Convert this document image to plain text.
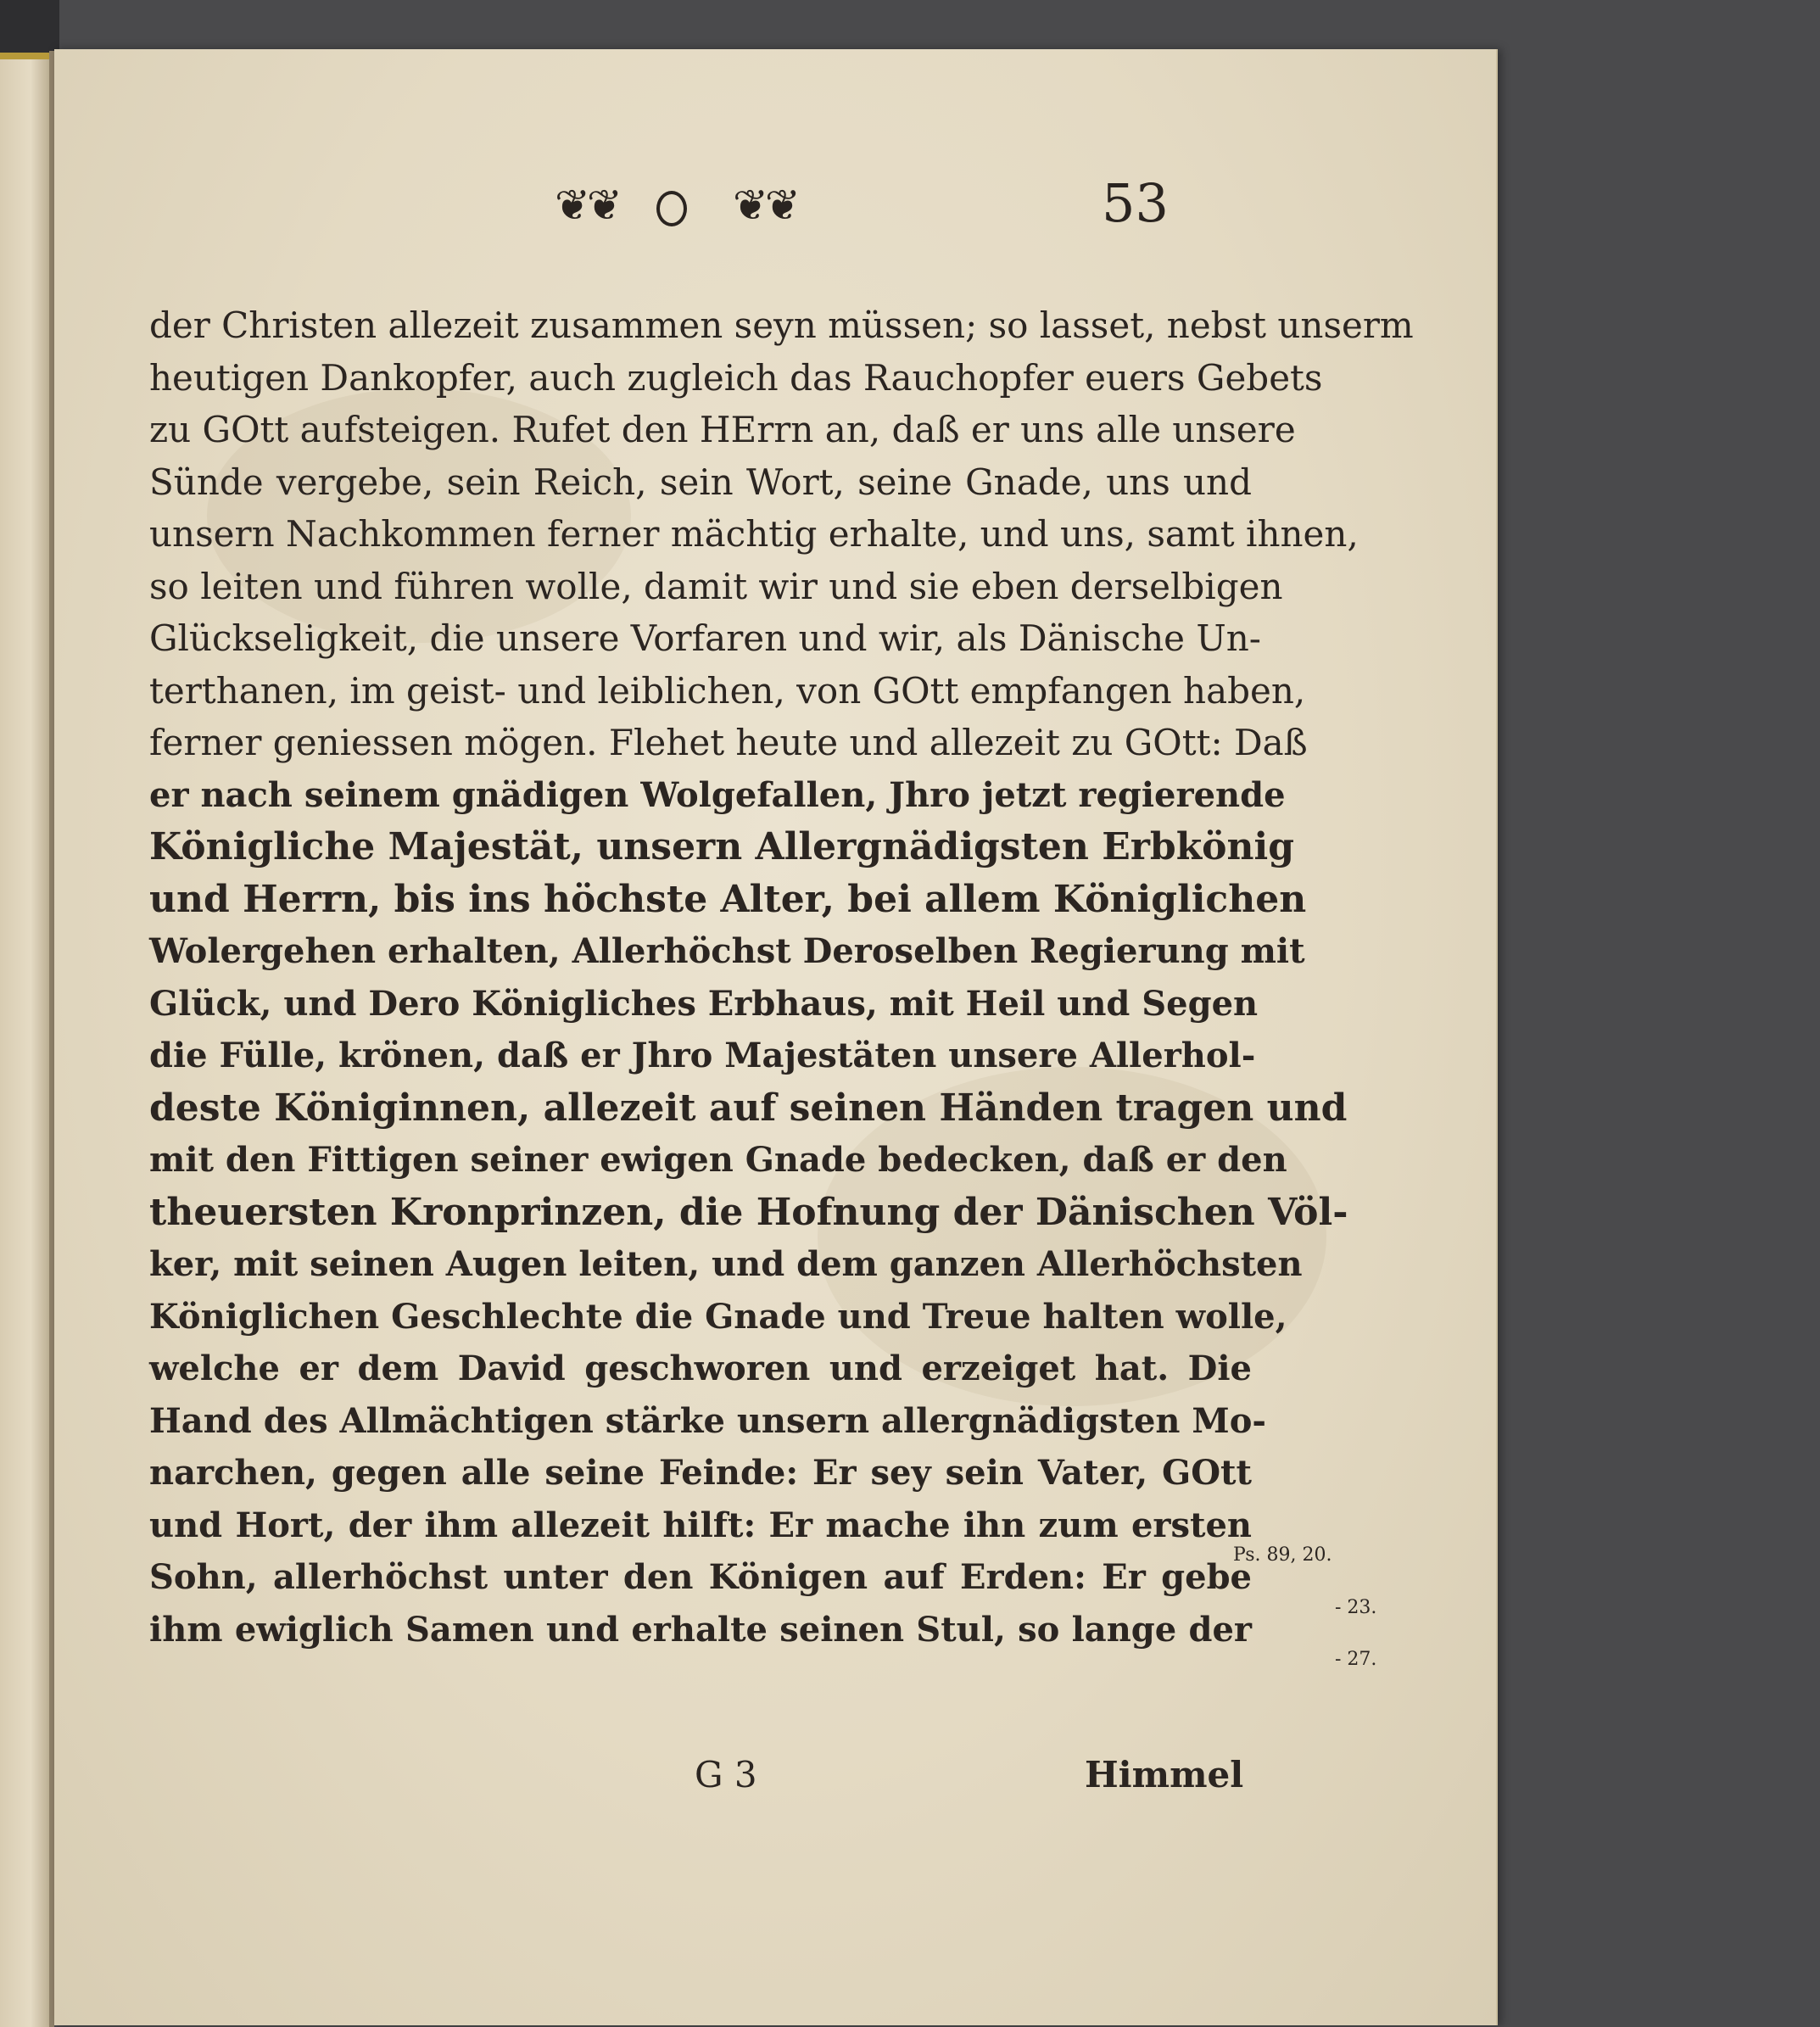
❦❦	❦❦	53
der Christen allezeit zusammen seyn müssen; so lasset, nebst unserm
heutigen Dankopfer, auch zugleich das Rauchopfer euers Gebets
zu GOtt aufsteigen. Rufet den HErrn an, daß er uns alle unsere
Sünde vergebe, sein Reich, sein Wort, seine Gnade, uns und
unsern Nachkommen ferner mächtig erhalte, und uns, samt ihnen,
so leiten und führen wolle, damit wir und sie eben derselbigen
Glückseligkeit, die unsere Vorfaren und wir, als Dänische Un-
terthanen, im geist- und leiblichen, von GOtt empfangen haben,
ferner geniessen mögen. Flehet heute und allezeit zu GOtt: Daß
er nach seinem gnädigen Wolgefallen, Jhro jetzt regierende
Königliche Majestät, unsern Allergnädigsten Erbkönig
und Herrn, bis ins höchste Alter, bei allem Königlichen
Wolergehen erhalten, Allerhöchst Deroselben Regierung mit
Glück, und Dero Königliches Erbhaus, mit Heil und Segen
die Fülle, krönen, daß er Jhro Majestäten unsere Allerhol-
deste Königinnen, allezeit auf seinen Händen tragen und
mit den Fittigen seiner ewigen Gnade bedecken, daß er den
theuersten Kronprinzen, die Hofnung der Dänischen Völ-
ker, mit seinen Augen leiten, und dem ganzen Allerhöchsten
Königlichen Geschlechte die Gnade und Treue halten wolle,
welche er dem David geschworen und erzeiget hat. Die
Hand des Allmächtigen stärke unsern allergnädigsten Mo-
narchen, gegen alle seine Feinde: Er sey sein Vater, GOtt
und Hort, der ihm allezeit hilft: Er mache ihn zum ersten
Sohn, allerhöchst unter den Königen auf Erden: Er gebe
ihm ewiglich Samen und erhalte seinen Stul, so lange der
Ps. 89, 20.
- 23.
- 27.
G 3	Himmel
